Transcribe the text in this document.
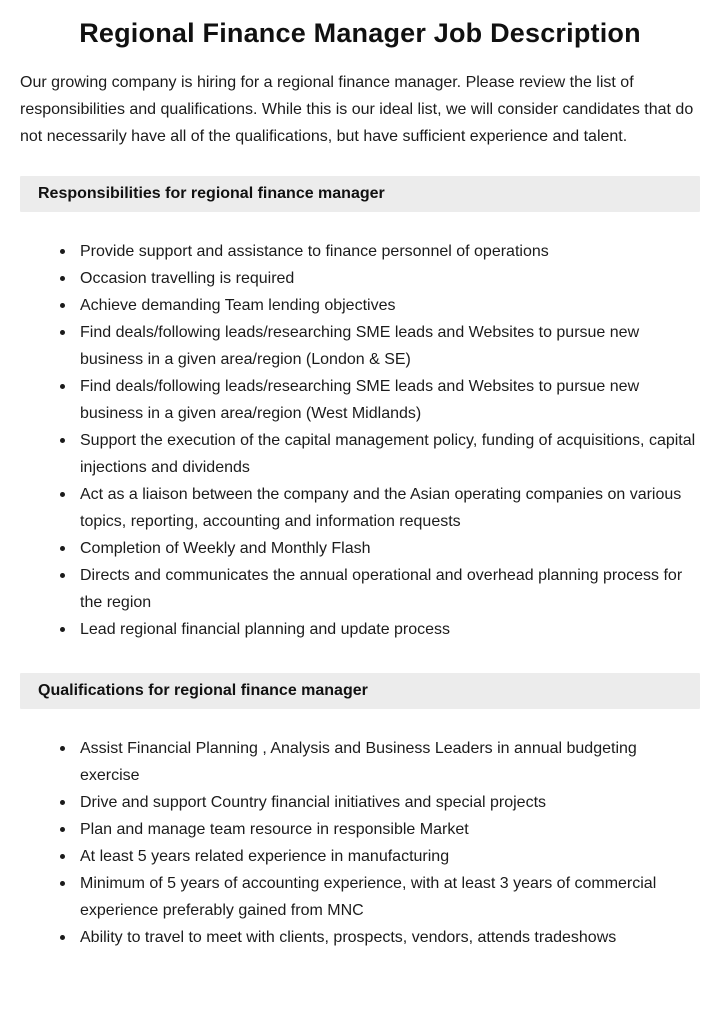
Regional Finance Manager Job Description

Our growing company is hiring for a regional finance manager. Please review the list of responsibilities and qualifications. While this is our ideal list, we will consider candidates that do not necessarily have all of the qualifications, but have sufficient experience and talent.

Responsibilities for regional finance manager
Provide support and assistance to finance personnel of operations
Occasion travelling is required
Achieve demanding Team lending objectives
Find deals/following leads/researching SME leads and Websites to pursue new business in a given area/region (London & SE)
Find deals/following leads/researching SME leads and Websites to pursue new business in a given area/region (West Midlands)
Support the execution of the capital management policy, funding of acquisitions, capital injections and dividends
Act as a liaison between the company and the Asian operating companies on various topics, reporting, accounting and information requests
Completion of Weekly and Monthly Flash
Directs and communicates the annual operational and overhead planning process for the region
Lead regional financial planning and update process
Qualifications for regional finance manager
Assist Financial Planning , Analysis and Business Leaders in annual budgeting exercise
Drive and support Country financial initiatives and special projects
Plan and manage team resource in responsible Market
At least 5 years related experience in manufacturing
Minimum of 5 years of accounting experience, with at least 3 years of commercial experience preferably gained from MNC
Ability to travel to meet with clients, prospects, vendors, attends tradeshows
